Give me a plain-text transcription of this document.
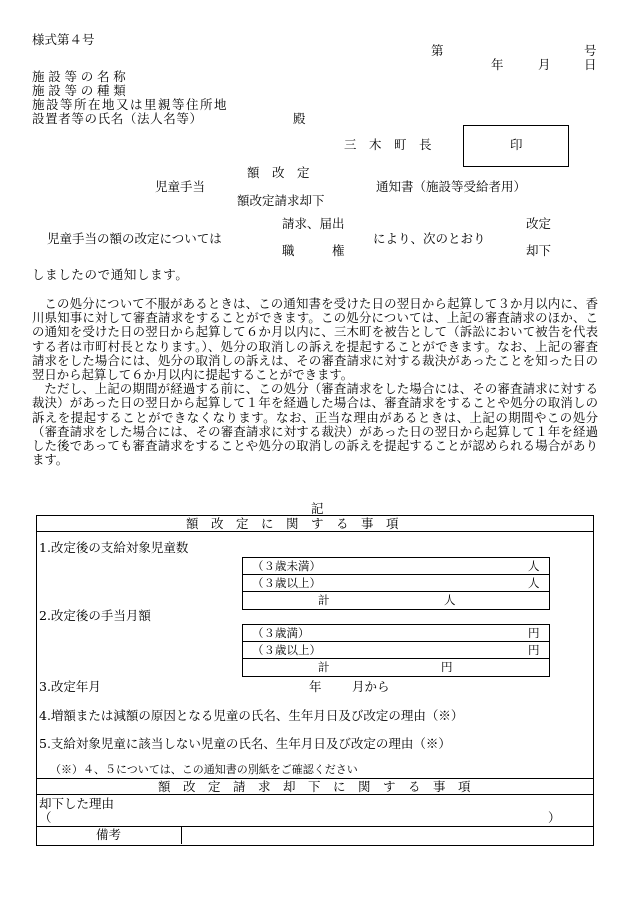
様式第４号
第	号
年	月	日
施設等の名称
施設等の種類
施設等所在地又は里親等住所地
設置者等の氏名（法人名等）	殿
三　木　町　長	印
額　改　定
児童手当
額改定請求却下
通知書（施設等受給者用）
児童手当の額の改定については
請求、届出
職　　　権
により、次のとおり
改定
却下
しましたので通知します。
この処分について不服があるときは、この通知書を受けた日の翌日から起算して３か月以内に、香川県知事に対して審査請求をすることができます。この処分については、上記の審査請求のほか、この通知を受けた日の翌日から起算して６か月以内に、三木町を被告として（訴訟において被告を代表する者は市町村長となります。）、処分の取消しの訴えを提起することができます。なお、上記の審査請求をした場合には、処分の取消しの訴えは、その審査請求に対する裁決があったことを知った日の翌日から起算して６か月以内に提起することができます。
ただし、上記の期間が経過する前に、この処分（審査請求をした場合には、その審査請求に対する裁決）があった日の翌日から起算して１年を経過した場合は、審査請求をすることや処分の取消しの訴えを提起することができなくなります。なお、正当な理由があるときは、上記の期間やこの処分（審査請求をした場合には、その審査請求に対する裁決）があった日の翌日から起算して１年を経過した後であっても審査請求をすることや処分の取消しの訴えを提起することが認められる場合があります。
記
額　改　定　に　関　す　る　事　項
1.改定後の支給対象児童数
（３歳未満）	人
（３歳以上）	人
計	人
2.改定後の手当月額
（３歳満）	円
（３歳以上）	円
計	円
3.改定年月	年 月から
4.増額または減額の原因となる児童の氏名、生年月日及び改定の理由（※）
5.支給対象児童に該当しない児童の氏名、生年月日及び改定の理由（※）
（※）４、５については、この通知書の別紙をご確認ください
額　改　定　請　求　却　下　に　関　す　る　事　項
却下した理由
（	）
備考
